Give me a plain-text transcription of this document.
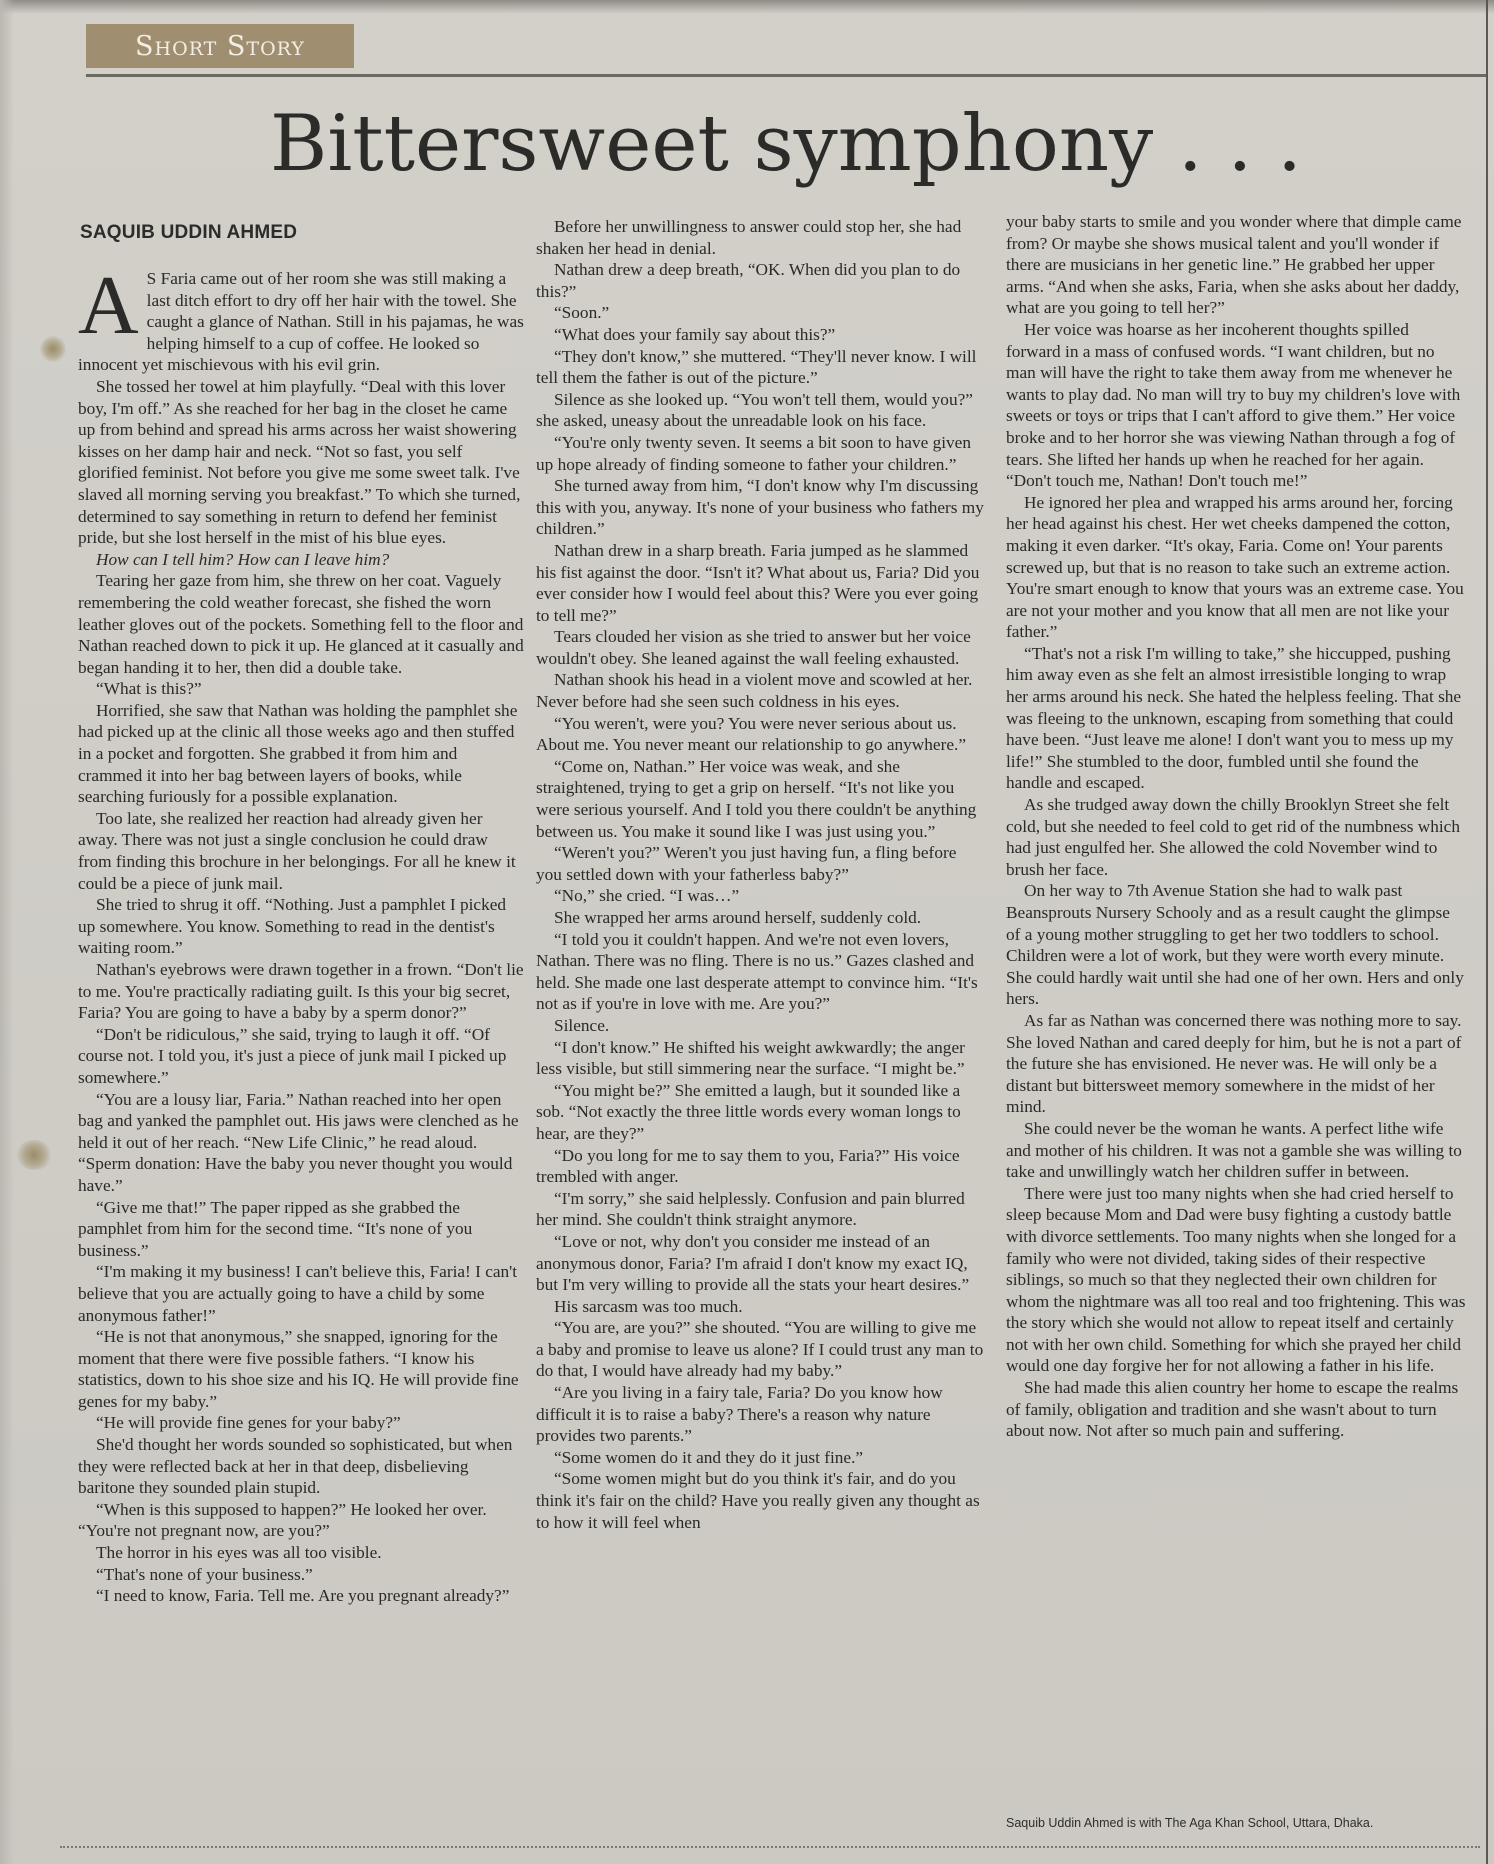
Short Story
Bittersweet symphony . . .
SAQUIB UDDIN AHMED

A S Faria came out of her room she was still making a last ditch effort to dry off her hair with the towel. She caught a glance of Nathan. Still in his pajamas, he was helping himself to a cup of coffee. He looked so innocent yet mischievous with his evil grin.

She tossed her towel at him playfully. “Deal with this lover boy, I'm off.” As she reached for her bag in the closet he came up from behind and spread his arms across her waist showering kisses on her damp hair and neck. “Not so fast, you self glorified feminist. Not before you give me some sweet talk. I've slaved all morning serving you breakfast.” To which she turned, determined to say something in return to defend her feminist pride, but she lost herself in the mist of his blue eyes.

How can I tell him? How can I leave him?

Tearing her gaze from him, she threw on her coat. Vaguely remembering the cold weather forecast, she fished the worn leather gloves out of the pockets. Something fell to the floor and Nathan reached down to pick it up. He glanced at it casually and began handing it to her, then did a double take.

“What is this?”

Horrified, she saw that Nathan was holding the pamphlet she had picked up at the clinic all those weeks ago and then stuffed in a pocket and forgotten. She grabbed it from him and crammed it into her bag between layers of books, while searching furiously for a possible explanation.

Too late, she realized her reaction had already given her away. There was not just a single conclusion he could draw from finding this brochure in her belongings. For all he knew it could be a piece of junk mail.

She tried to shrug it off. “Nothing. Just a pamphlet I picked up somewhere. You know. Something to read in the dentist's waiting room.”

Nathan's eyebrows were drawn together in a frown. “Don't lie to me. You're practically radiating guilt. Is this your big secret, Faria? You are going to have a baby by a sperm donor?”

“Don't be ridiculous,” she said, trying to laugh it off. “Of course not. I told you, it's just a piece of junk mail I picked up somewhere.”

“You are a lousy liar, Faria.” Nathan reached into her open bag and yanked the pamphlet out. His jaws were clenched as he held it out of her reach. “New Life Clinic,” he read aloud. “Sperm donation: Have the baby you never thought you would have.”

“Give me that!” The paper ripped as she grabbed the pamphlet from him for the second time. “It's none of you business.”

“I'm making it my business! I can't believe this, Faria! I can't believe that you are actually going to have a child by some anonymous father!”

“He is not that anonymous,” she snapped, ignoring for the moment that there were five possible fathers. “I know his statistics, down to his shoe size and his IQ. He will provide fine genes for my baby.”

“He will provide fine genes for your baby?”

She'd thought her words sounded so sophisticated, but when they were reflected back at her in that deep, disbelieving baritone they sounded plain stupid.

“When is this supposed to happen?” He looked her over. “You're not pregnant now, are you?”

The horror in his eyes was all too visible.

“That's none of your business.”

“I need to know, Faria. Tell me. Are you pregnant already?”

Before her unwillingness to answer could stop her, she had shaken her head in denial.

Nathan drew a deep breath, “OK. When did you plan to do this?”

“Soon.”

“What does your family say about this?”

“They don't know,” she muttered. “They'll never know. I will tell them the father is out of the picture.”

Silence as she looked up. “You won't tell them, would you?” she asked, uneasy about the unreadable look on his face.

“You're only twenty seven. It seems a bit soon to have given up hope already of finding someone to father your children.”

She turned away from him, “I don't know why I'm discussing this with you, anyway. It's none of your business who fathers my children.”

Nathan drew in a sharp breath. Faria jumped as he slammed his fist against the door. “Isn't it? What about us, Faria? Did you ever consider how I would feel about this? Were you ever going to tell me?”

Tears clouded her vision as she tried to answer but her voice wouldn't obey. She leaned against the wall feeling exhausted.

Nathan shook his head in a violent move and scowled at her. Never before had she seen such coldness in his eyes.

“You weren't, were you? You were never serious about us. About me. You never meant our relationship to go anywhere.”

“Come on, Nathan.” Her voice was weak, and she straightened, trying to get a grip on herself. “It's not like you were serious yourself. And I told you there couldn't be anything between us. You make it sound like I was just using you.”

“Weren't you?” Weren't you just having fun, a fling before you settled down with your fatherless baby?”

“No,” she cried. “I was…”

She wrapped her arms around herself, suddenly cold.

“I told you it couldn't happen. And we're not even lovers, Nathan. There was no fling. There is no us.” Gazes clashed and held. She made one last desperate attempt to convince him. “It's not as if you're in love with me. Are you?”

Silence.

“I don't know.” He shifted his weight awkwardly; the anger less visible, but still simmering near the surface. “I might be.”

“You might be?” She emitted a laugh, but it sounded like a sob. “Not exactly the three little words every woman longs to hear, are they?”

“Do you long for me to say them to you, Faria?” His voice trembled with anger.

“I'm sorry,” she said helplessly. Confusion and pain blurred her mind. She couldn't think straight anymore.

“Love or not, why don't you consider me instead of an anonymous donor, Faria? I'm afraid I don't know my exact IQ, but I'm very willing to provide all the stats your heart desires.”

His sarcasm was too much.

“You are, are you?” she shouted. “You are willing to give me a baby and promise to leave us alone? If I could trust any man to do that, I would have already had my baby.”

“Are you living in a fairy tale, Faria? Do you know how difficult it is to raise a baby? There's a reason why nature provides two parents.”

“Some women do it and they do it just fine.”

“Some women might but do you think it's fair, and do you think it's fair on the child? Have you really given any thought as to how it will feel when

your baby starts to smile and you wonder where that dimple came from? Or maybe she shows musical talent and you'll wonder if there are musicians in her genetic line.” He grabbed her upper arms. “And when she asks, Faria, when she asks about her daddy, what are you going to tell her?”

Her voice was hoarse as her incoherent thoughts spilled forward in a mass of confused words. “I want children, but no man will have the right to take them away from me whenever he wants to play dad. No man will try to buy my children's love with sweets or toys or trips that I can't afford to give them.” Her voice broke and to her horror she was viewing Nathan through a fog of tears. She lifted her hands up when he reached for her again. “Don't touch me, Nathan! Don't touch me!”

He ignored her plea and wrapped his arms around her, forcing her head against his chest. Her wet cheeks dampened the cotton, making it even darker. “It's okay, Faria. Come on! Your parents screwed up, but that is no reason to take such an extreme action. You're smart enough to know that yours was an extreme case. You are not your mother and you know that all men are not like your father.”

“That's not a risk I'm willing to take,” she hiccupped, pushing him away even as she felt an almost irresistible longing to wrap her arms around his neck. She hated the helpless feeling. That she was fleeing to the unknown, escaping from something that could have been. “Just leave me alone! I don't want you to mess up my life!” She stumbled to the door, fumbled until she found the handle and escaped.

As she trudged away down the chilly Brooklyn Street she felt cold, but she needed to feel cold to get rid of the numbness which had just engulfed her. She allowed the cold November wind to brush her face.

On her way to 7th Avenue Station she had to walk past Beansprouts Nursery Schooly and as a result caught the glimpse of a young mother struggling to get her two toddlers to school. Children were a lot of work, but they were worth every minute. She could hardly wait until she had one of her own. Hers and only hers.

As far as Nathan was concerned there was nothing more to say. She loved Nathan and cared deeply for him, but he is not a part of the future she has envisioned. He never was. He will only be a distant but bittersweet memory somewhere in the midst of her mind.

She could never be the woman he wants. A perfect lithe wife and mother of his children. It was not a gamble she was willing to take and unwillingly watch her children suffer in between.

There were just too many nights when she had cried herself to sleep because Mom and Dad were busy fighting a custody battle with divorce settlements. Too many nights when she longed for a family who were not divided, taking sides of their respective siblings, so much so that they neglected their own children for whom the nightmare was all too real and too frightening. This was the story which she would not allow to repeat itself and certainly not with her own child. Something for which she prayed her child would one day forgive her for not allowing a father in his life.

She had made this alien country her home to escape the realms of family, obligation and tradition and she wasn't about to turn about now. Not after so much pain and suffering.

Saquib Uddin Ahmed is with The Aga Khan School, Uttara, Dhaka.
